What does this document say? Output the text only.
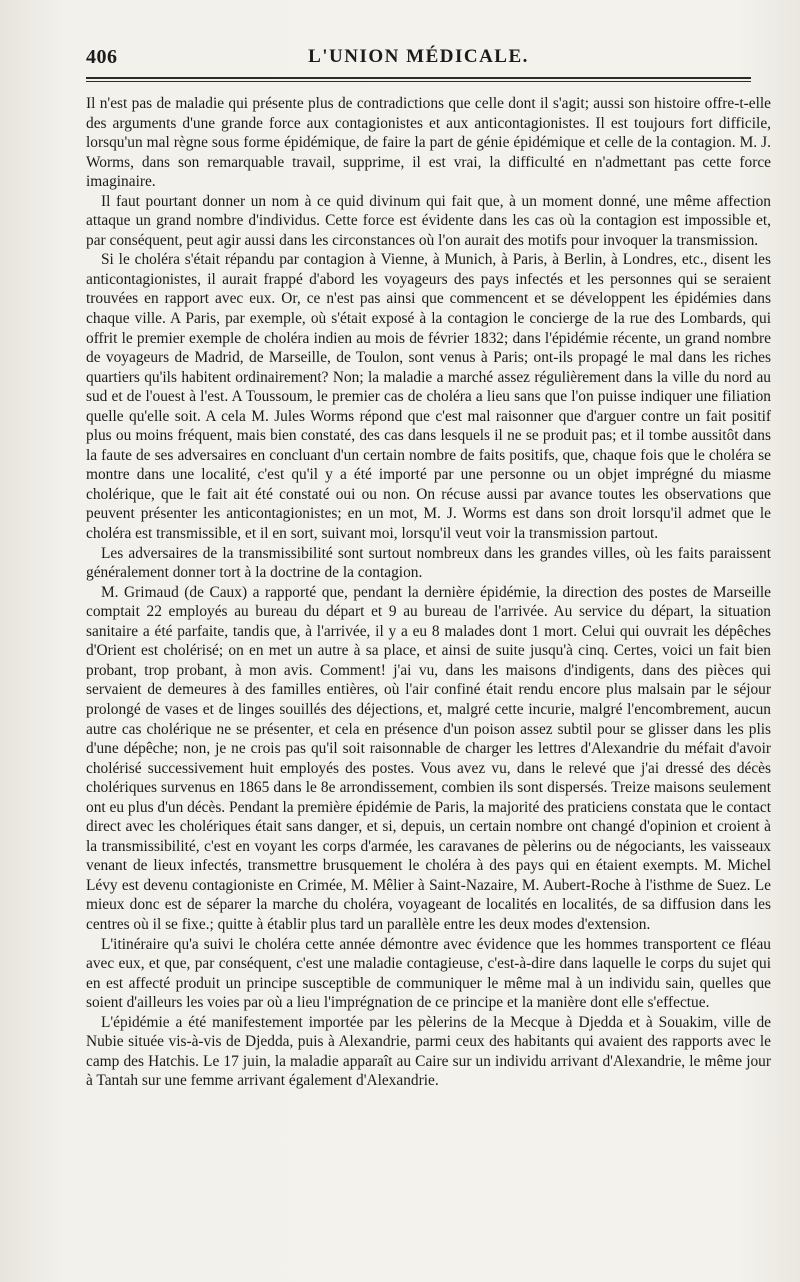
406	L'UNION MÉDICALE.

Il n'est pas de maladie qui présente plus de contradictions que celle dont il s'agit; aussi son histoire offre-t-elle des arguments d'une grande force aux contagionistes et aux anticontagionistes. Il est toujours fort difficile, lorsqu'un mal règne sous forme épidémique, de faire la part de génie épidémique et celle de la contagion. M. J. Worms, dans son remarquable travail, supprime, il est vrai, la difficulté en n'admettant pas cette force imaginaire.

Il faut pourtant donner un nom à ce quid divinum qui fait que, à un moment donné, une même affection attaque un grand nombre d'individus. Cette force est évidente dans les cas où la contagion est impossible et, par conséquent, peut agir aussi dans les circonstances où l'on aurait des motifs pour invoquer la transmission.

Si le choléra s'était répandu par contagion à Vienne, à Munich, à Paris, à Berlin, à Londres, etc., disent les anticontagionistes, il aurait frappé d'abord les voyageurs des pays infectés et les personnes qui se seraient trouvées en rapport avec eux. Or, ce n'est pas ainsi que commencent et se développent les épidémies dans chaque ville. A Paris, par exemple, où s'était exposé à la contagion le concierge de la rue des Lombards, qui offrit le premier exemple de choléra indien au mois de février 1832; dans l'épidémie récente, un grand nombre de voyageurs de Madrid, de Marseille, de Toulon, sont venus à Paris; ont-ils propagé le mal dans les riches quartiers qu'ils habitent ordinairement? Non; la maladie a marché assez régulièrement dans la ville du nord au sud et de l'ouest à l'est. A Toussoum, le premier cas de choléra a lieu sans que l'on puisse indiquer une filiation quelle qu'elle soit. A cela M. Jules Worms répond que c'est mal raisonner que d'arguer contre un fait positif plus ou moins fréquent, mais bien constaté, des cas dans lesquels il ne se produit pas; et il tombe aussitôt dans la faute de ses adversaires en concluant d'un certain nombre de faits positifs, que, chaque fois que le choléra se montre dans une localité, c'est qu'il y a été importé par une personne ou un objet imprégné du miasme cholérique, que le fait ait été constaté oui ou non. On récuse aussi par avance toutes les observations que peuvent présenter les anticontagionistes; en un mot, M. J. Worms est dans son droit lorsqu'il admet que le choléra est transmissible, et il en sort, suivant moi, lorsqu'il veut voir la transmission partout.

Les adversaires de la transmissibilité sont surtout nombreux dans les grandes villes, où les faits paraissent généralement donner tort à la doctrine de la contagion.

M. Grimaud (de Caux) a rapporté que, pendant la dernière épidémie, la direction des postes de Marseille comptait 22 employés au bureau du départ et 9 au bureau de l'arrivée. Au service du départ, la situation sanitaire a été parfaite, tandis que, à l'arrivée, il y a eu 8 malades dont 1 mort. Celui qui ouvrait les dépêches d'Orient est cholérisé; on en met un autre à sa place, et ainsi de suite jusqu'à cinq. Certes, voici un fait bien probant, trop probant, à mon avis. Comment! j'ai vu, dans les maisons d'indigents, dans des pièces qui servaient de demeures à des familles entières, où l'air confiné était rendu encore plus malsain par le séjour prolongé de vases et de linges souillés des déjections, et, malgré cette incurie, malgré l'encombrement, aucun autre cas cholérique ne se présenter, et cela en présence d'un poison assez subtil pour se glisser dans les plis d'une dépêche; non, je ne crois pas qu'il soit raisonnable de charger les lettres d'Alexandrie du méfait d'avoir cholérisé successivement huit employés des postes. Vous avez vu, dans le relevé que j'ai dressé des décès cholériques survenus en 1865 dans le 8e arrondissement, combien ils sont dispersés. Treize maisons seulement ont eu plus d'un décès. Pendant la première épidémie de Paris, la majorité des praticiens constata que le contact direct avec les cholériques était sans danger, et si, depuis, un certain nombre ont changé d'opinion et croient à la transmissibilité, c'est en voyant les corps d'armée, les caravanes de pèlerins ou de négociants, les vaisseaux venant de lieux infectés, transmettre brusquement le choléra à des pays qui en étaient exempts. M. Michel Lévy est devenu contagioniste en Crimée, M. Mêlier à Saint-Nazaire, M. Aubert-Roche à l'isthme de Suez. Le mieux donc est de séparer la marche du choléra, voyageant de localités en localités, de sa diffusion dans les centres où il se fixe.; quitte à établir plus tard un parallèle entre les deux modes d'extension.

L'itinéraire qu'a suivi le choléra cette année démontre avec évidence que les hommes transportent ce fléau avec eux, et que, par conséquent, c'est une maladie contagieuse, c'est-à-dire dans laquelle le corps du sujet qui en est affecté produit un principe susceptible de communiquer le même mal à un individu sain, quelles que soient d'ailleurs les voies par où a lieu l'imprégnation de ce principe et la manière dont elle s'effectue.

L'épidémie a été manifestement importée par les pèlerins de la Mecque à Djedda et à Souakim, ville de Nubie située vis-à-vis de Djedda, puis à Alexandrie, parmi ceux des habitants qui avaient des rapports avec le camp des Hatchis. Le 17 juin, la maladie apparaît au Caire sur un individu arrivant d'Alexandrie, le même jour à Tantah sur une femme arrivant également d'Alexandrie.
